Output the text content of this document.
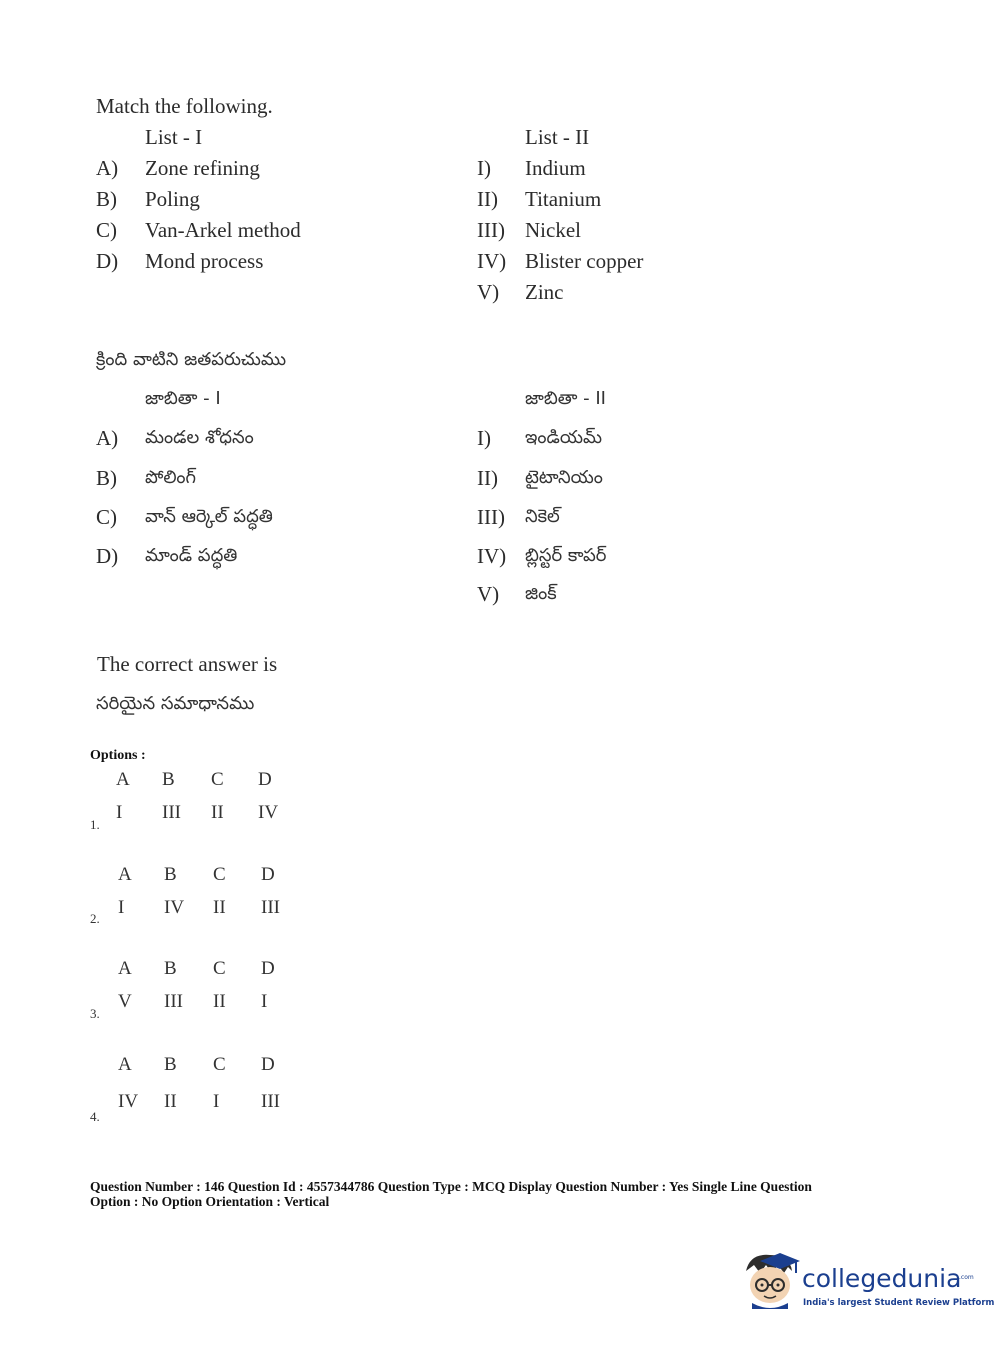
Match the following.
List - I	List - II
A) Zone refining
B) Poling
C) Van-Arkel method
D) Mond process
I) Indium
II) Titanium
III) Nickel
IV) Blister copper
V) Zinc
క్రింది వాటిని జతపరుచుము
జాబితా - I	జాబితా - II
A) మండల శోధనం
B) పోలింగ్
C) వాన్ ఆర్కెల్ పద్ధతి
D) మాండ్ పద్ధతి
I) ఇండియమ్
II) టైటానియం
III) నికెల్
IV) బ్లిస్టర్ కాపర్
V) జింక్
The correct answer is
సరియైన సమాధానము
Options :
A B C D
I III II IV
1.
A B C D
I IV II III
2.
A B C D
V III II I
3.
A B C D
IV II I III
4.
Question Number : 146 Question Id : 4557344786 Question Type : MCQ Display Question Number : Yes Single Line Question
Option : No Option Orientation : Vertical
collegedunia
.com
India's largest Student Review Platform
